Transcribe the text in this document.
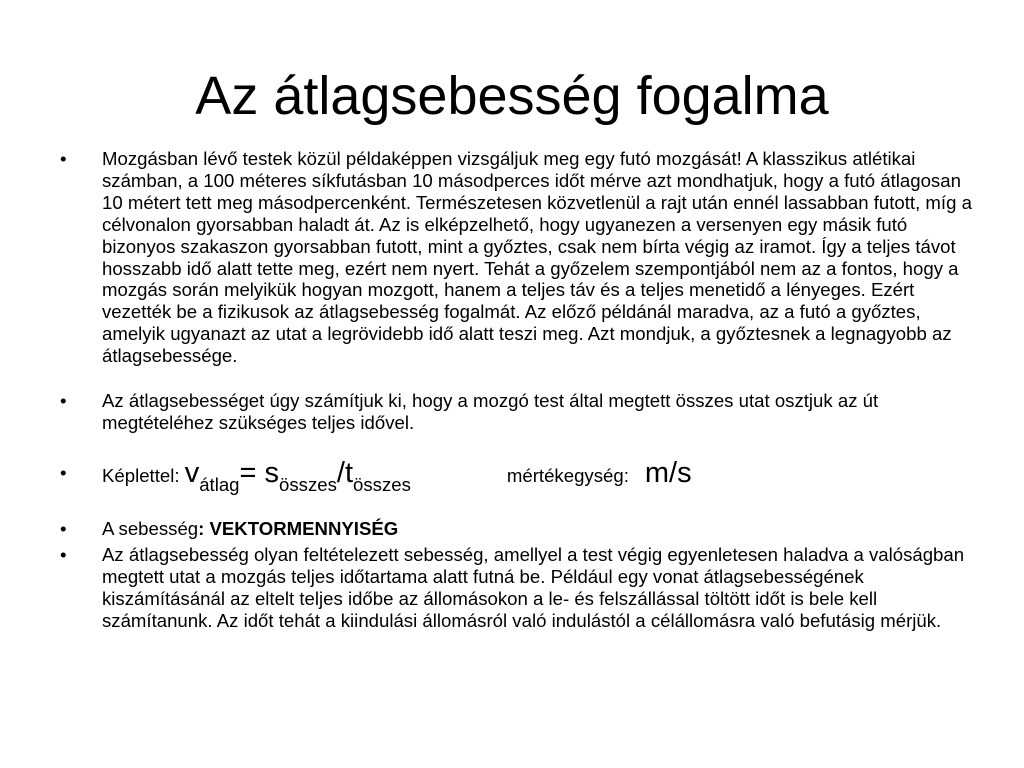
Az átlagsebesség fogalma
• Mozgásban lévő testek közül példaképpen vizsgáljuk meg egy futó mozgását! A klasszikus atlétikai számban, a 100 méteres síkfutásban 10 másodperces időt mérve azt mondhatjuk, hogy a futó átlagosan 10 métert tett meg másodpercenként. Természetesen közvetlenül a rajt után ennél lassabban futott, míg a célvonalon gyorsabban haladt át. Az is elképzelhető, hogy ugyanezen a versenyen egy másik futó bizonyos szakaszon gyorsabban futott, mint a győztes, csak nem bírta végig az iramot. Így a teljes távot hosszabb idő alatt tette meg, ezért nem nyert. Tehát a győzelem szempontjából nem az a fontos, hogy a mozgás során melyikük hogyan mozgott, hanem a teljes táv és a teljes menetidő a lényeges. Ezért vezették be a fizikusok az átlagsebesség fogalmát. Az előző példánál maradva, az a futó a győztes, amelyik ugyanazt az utat a legrövidebb idő alatt teszi meg. Azt mondjuk, a győztesnek a legnagyobb az átlagsebessége.
• Az átlagsebességet úgy számítjuk ki, hogy a mozgó test által megtett összes utat osztjuk az út megtételéhez szükséges teljes idővel.
• Képlettel: vátlag= sösszes/tösszes	mértékegység: m/s
• A sebesség: VEKTORMENNYISÉG
• Az átlagsebesség olyan feltételezett sebesség, amellyel a test végig egyenletesen haladva a valóságban megtett utat a mozgás teljes időtartama alatt futná be. Például egy vonat átlagsebességének kiszámításánál az eltelt teljes időbe az állomásokon a le- és felszállással töltött időt is bele kell számítanunk. Az időt tehát a kiindulási állomásról való indulástól a célállomásra való befutásig mérjük.
